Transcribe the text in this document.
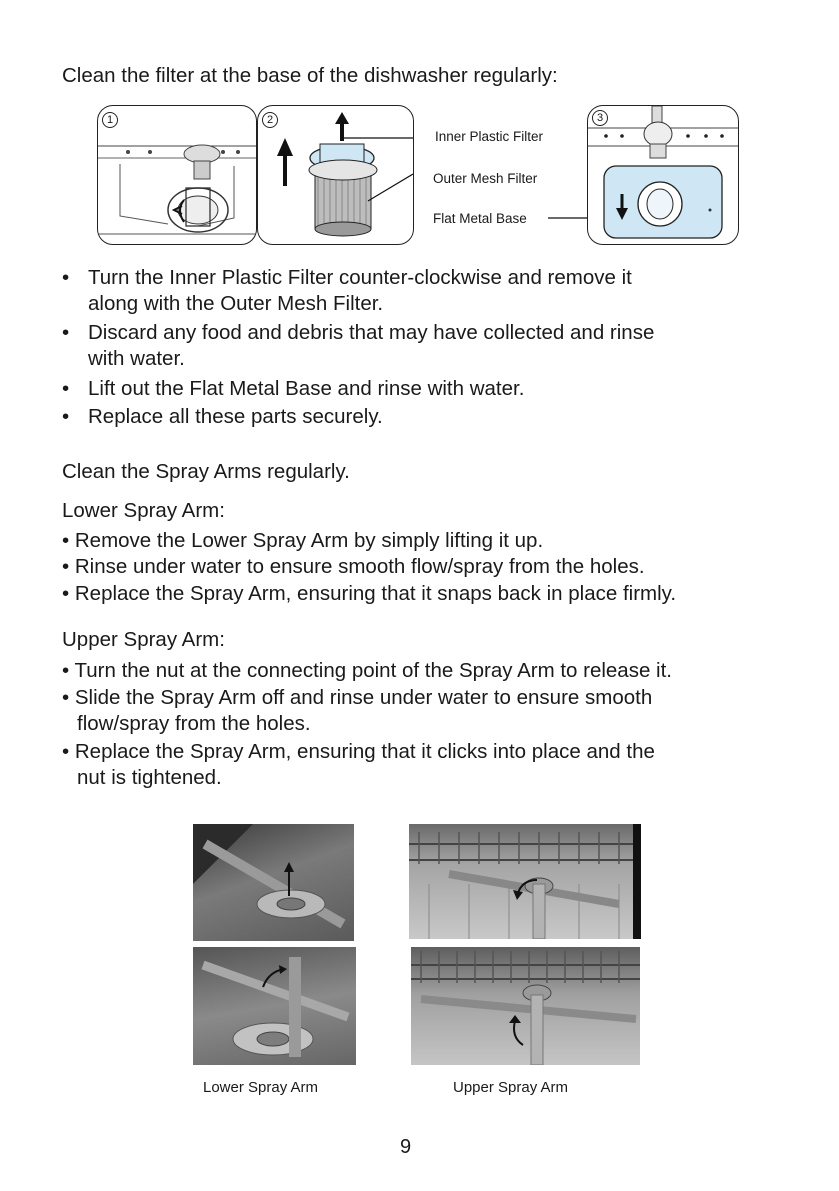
Clean the filter at the base of the dishwasher regularly:
1	2
Inner Plastic Filter
Outer Mesh Filter
Flat Metal Base
3
• Turn the Inner Plastic Filter counter-clockwise and remove it
along with the Outer Mesh Filter.
• Discard any food and debris that may have collected and rinse
with water.
• Lift out the Flat Metal Base and rinse with water.
• Replace all these parts securely.
Clean the Spray Arms regularly.
Lower Spray Arm:
• Remove the Lower Spray Arm by simply lifting it up.
• Rinse under water to ensure smooth flow/spray from the holes.
• Replace the Spray Arm, ensuring that it snaps back in place firmly.
Upper Spray Arm:
• Turn the nut at the connecting point of the Spray Arm to release it.
• Slide the Spray Arm off and rinse under water to ensure smooth
flow/spray from the holes.
• Replace the Spray Arm, ensuring that it clicks into place and the
nut is tightened.
Lower Spray Arm	Upper Spray Arm
9
